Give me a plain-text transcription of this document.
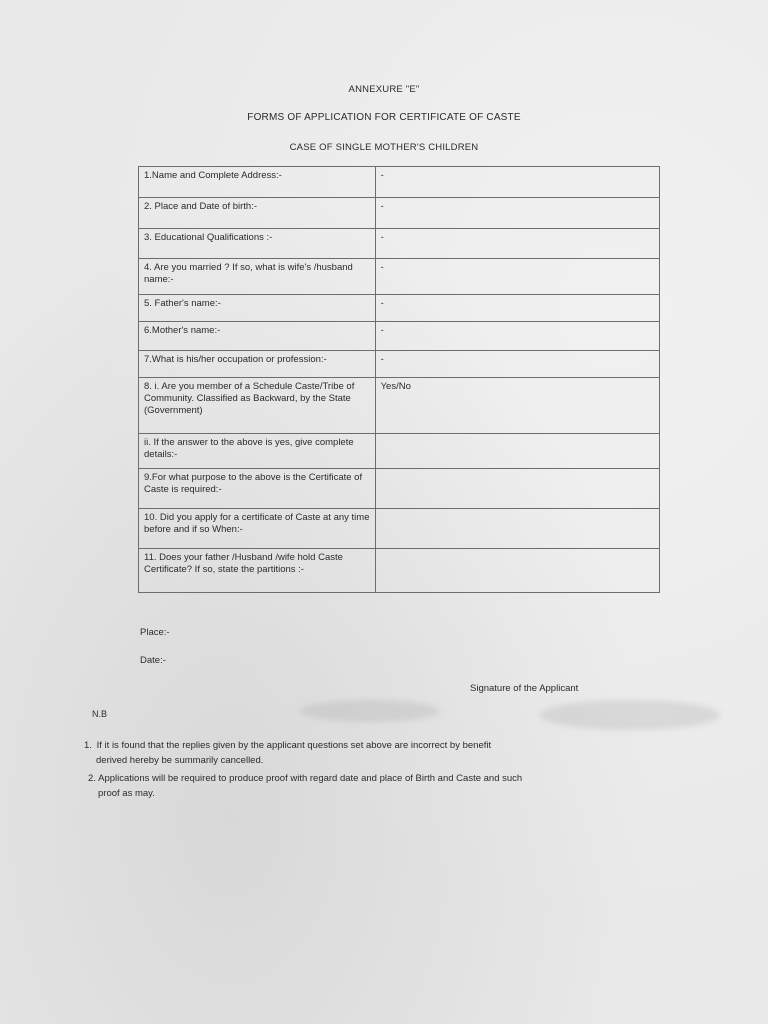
ANNEXURE "E"
FORMS OF APPLICATION FOR CERTIFICATE OF CASTE
CASE OF SINGLE MOTHER'S CHILDREN
1.Name and Complete Address:-	-
2. Place and Date of birth:-	-
3. Educational Qualifications :-	-
4. Are you married ? If so, what is wife's /husband name:-	-
5. Father's name:-	-
6.Mother's name:-	-
7.What is his/her occupation or profession:-	-
8. i. Are you member of a Schedule Caste/Tribe of Community. Classified as Backward, by the State (Government)	Yes/No
ii. If the answer to the above is yes, give complete details:-	
9.For what purpose to the above is the Certificate of Caste is required:-	
10. Did you apply for a certificate of Caste at any time before and if so When:-	
11. Does your father /Husband /wife hold Caste Certificate? If so, state the partitions :-	
Place:-
Date:-
Signature of the Applicant
N.B
1. If it is found that the replies given by the applicant questions set above are incorrect by benefit
derived hereby be summarily cancelled.
2. Applications will be required to produce proof with regard date and place of Birth and Caste and such
proof as may.
